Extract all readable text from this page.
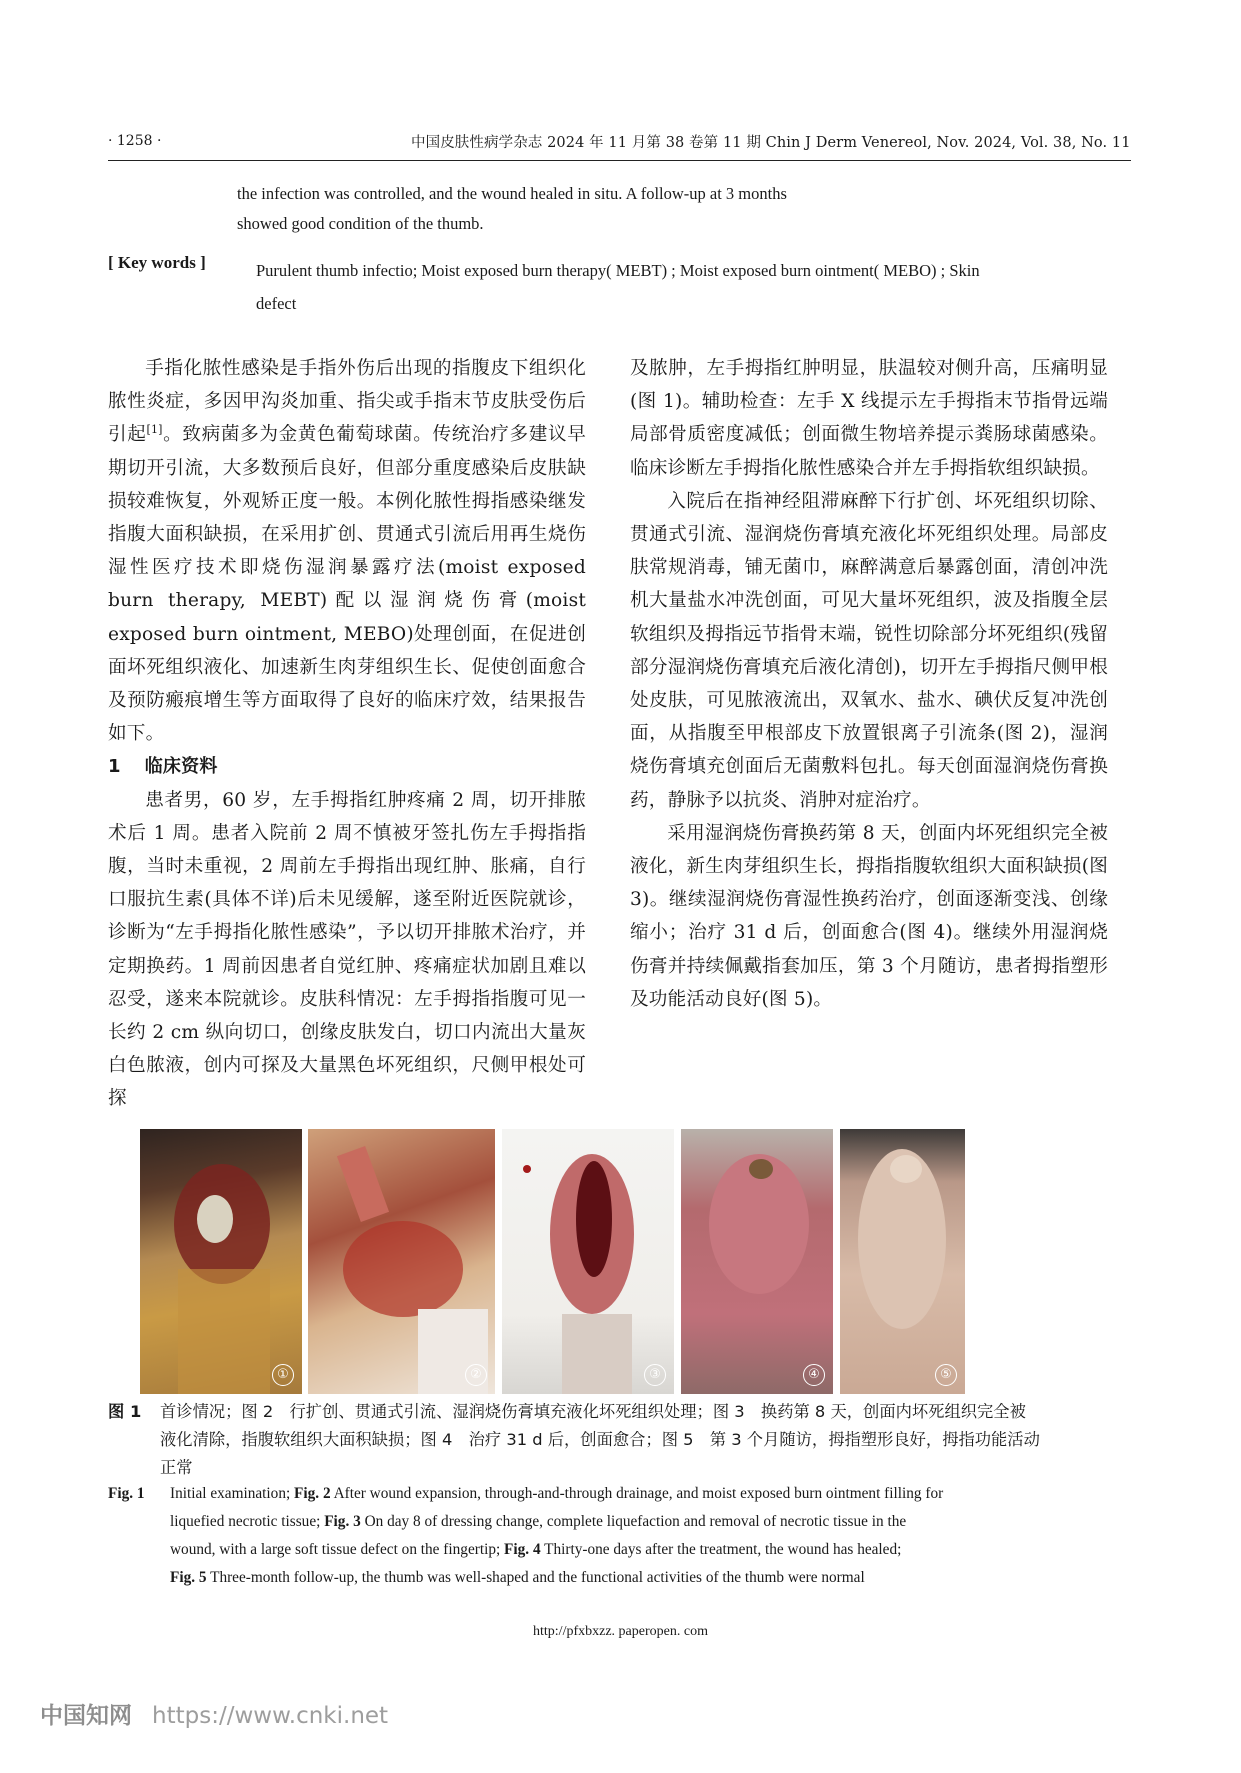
· 1258 ·	中国皮肤性病学杂志 2024 年 11 月第 38 卷第 11 期 Chin J Derm Venereol, Nov. 2024, Vol. 38, No. 11
the infection was controlled, and the wound healed in situ. A follow-up at 3 months
showed good condition of the thumb.
[ Key words ]	Purulent thumb infectio; Moist exposed burn therapy( MEBT) ; Moist exposed burn ointment( MEBO) ; Skin defect

手指化脓性感染是手指外伤后出现的指腹皮下组织化脓性炎症，多因甲沟炎加重、指尖或手指末节皮肤受伤后引起[1]。致病菌多为金黄色葡萄球菌。传统治疗多建议早期切开引流，大多数预后良好，但部分重度感染后皮肤缺损较难恢复，外观矫正度一般。本例化脓性拇指感染继发指腹大面积缺损，在采用扩创、贯通式引流后用再生烧伤湿性医疗技术即烧伤湿润暴露疗法(moist exposed burn therapy, MEBT)配以湿润烧伤膏(moist exposed burn ointment, MEBO)处理创面，在促进创面坏死组织液化、加速新生肉芽组织生长、促使创面愈合及预防瘢痕增生等方面取得了良好的临床疗效，结果报告如下。

1 临床资料

患者男，60 岁，左手拇指红肿疼痛 2 周，切开排脓术后 1 周。患者入院前 2 周不慎被牙签扎伤左手拇指指腹，当时未重视，2 周前左手拇指出现红肿、胀痛，自行口服抗生素(具体不详)后未见缓解，遂至附近医院就诊，诊断为“左手拇指化脓性感染”，予以切开排脓术治疗，并定期换药。1 周前因患者自觉红肿、疼痛症状加剧且难以忍受，遂来本院就诊。皮肤科情况：左手拇指指腹可见一长约 2 cm 纵向切口，创缘皮肤发白，切口内流出大量灰白色脓液，创内可探及大量黑色坏死组织，尺侧甲根处可探

及脓肿，左手拇指红肿明显，肤温较对侧升高，压痛明显(图 1)。辅助检查：左手 X 线提示左手拇指末节指骨远端局部骨质密度减低；创面微生物培养提示粪肠球菌感染。临床诊断左手拇指化脓性感染合并左手拇指软组织缺损。

入院后在指神经阻滞麻醉下行扩创、坏死组织切除、贯通式引流、湿润烧伤膏填充液化坏死组织处理。局部皮肤常规消毒，铺无菌巾，麻醉满意后暴露创面，清创冲洗机大量盐水冲洗创面，可见大量坏死组织，波及指腹全层软组织及拇指远节指骨末端，锐性切除部分坏死组织(残留部分湿润烧伤膏填充后液化清创)，切开左手拇指尺侧甲根处皮肤，可见脓液流出，双氧水、盐水、碘伏反复冲洗创面，从指腹至甲根部皮下放置银离子引流条(图 2)，湿润烧伤膏填充创面后无菌敷料包扎。每天创面湿润烧伤膏换药，静脉予以抗炎、消肿对症治疗。

采用湿润烧伤膏换药第 8 天，创面内坏死组织完全被液化，新生肉芽组织生长，拇指指腹软组织大面积缺损(图 3)。继续湿润烧伤膏湿性换药治疗，创面逐渐变浅、创缘缩小；治疗 31 d 后，创面愈合(图 4)。继续外用湿润烧伤膏并持续佩戴指套加压，第 3 个月随访，患者拇指塑形及功能活动良好(图 5)。

①	②	③	④	⑤
图 1 首诊情况；图 2　行扩创、贯通式引流、湿润烧伤膏填充液化坏死组织处理；图 3　换药第 8 天，创面内坏死组织完全被
液化清除，指腹软组织大面积缺损；图 4　治疗 31 d 后，创面愈合；图 5　第 3 个月随访，拇指塑形良好，拇指功能活动
正常
Fig. 1 Initial examination; Fig. 2 After wound expansion, through-and-through drainage, and moist exposed burn ointment filling for
liquefied necrotic tissue; Fig. 3 On day 8 of dressing change, complete liquefaction and removal of necrotic tissue in the
wound, with a large soft tissue defect on the fingertip; Fig. 4 Thirty-one days after the treatment, the wound has healed;
Fig. 5 Three-month follow-up, the thumb was well-shaped and the functional activities of the thumb were normal
http://pfxbxzz. paperopen. com
中国知网 https://www.cnki.net
